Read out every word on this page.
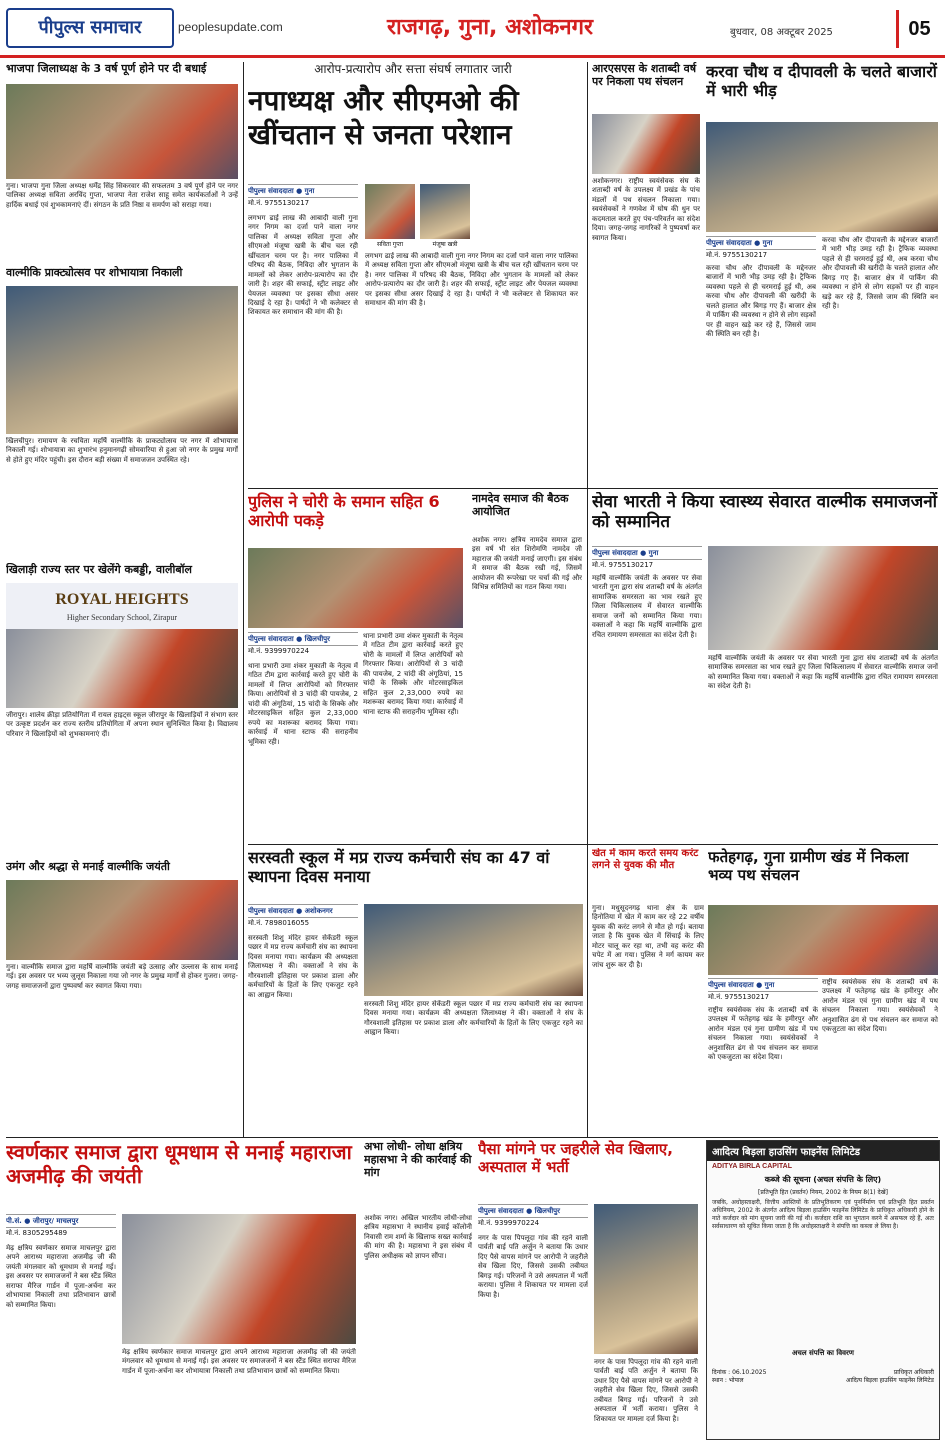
पीपुल्स समाचार	peoplesupdate.com	राजगढ़, गुना, अशोकनगर	बुधवार, 08 अक्टूबर 2025	05
भाजपा जिलाध्यक्ष के 3 वर्ष पूर्ण होने पर दी बधाई
गुना। भाजपा गुना जिला अध्यक्ष धर्मेंद्र सिंह सिकरवार की सफलतम 3 वर्ष पूर्ण होने पर नगर पालिका अध्यक्ष सविता अरविंद गुप्ता, भाजपा नेता राजेश साहू समेत कार्यकर्ताओं ने उन्हें हार्दिक बधाई एवं शुभकामनाएं दीं। संगठन के प्रति निष्ठा व समर्पण को सराहा गया।
वाल्मीकि प्राक्ट्योत्सव पर शोभायात्रा निकाली
खिलचीपुर। रामायण के रचयिता महर्षि वाल्मीकि के प्राकट्योत्सव पर नगर में शोभायात्रा निकाली गई। शोभायात्रा का शुभारंभ हनुमानगढ़ी सोमवारिया से हुआ जो नगर के प्रमुख मार्गों से होते हुए मंदिर पहुंची। इस दौरान बड़ी संख्या में समाजजन उपस्थित रहे।
खिलाड़ी राज्य स्तर पर खेलेंगे कबड्डी, वालीबॉल
ROYAL HEIGHTS
Higher Secondary School, Zirapur
जीरापुर। शालेय क्रीड़ा प्रतियोगिता में रायल हाइट्स स्कूल जीरापुर के खिलाड़ियों ने संभाग स्तर पर उत्कृष्ट प्रदर्शन कर राज्य स्तरीय प्रतियोगिता में अपना स्थान सुनिश्चित किया है। विद्यालय परिवार ने खिलाड़ियों को शुभकामनाएं दीं।
उमंग और श्रद्धा से मनाई वाल्मीकि जयंती
गुना। वाल्मीकि समाज द्वारा महर्षि वाल्मीकि जयंती बड़े उत्साह और उल्लास के साथ मनाई गई। इस अवसर पर भव्य जुलूस निकाला गया जो नगर के प्रमुख मार्गों से होकर गुजरा। जगह-जगह समाजजनों द्वारा पुष्पवर्षा कर स्वागत किया गया।
आरोप-प्रत्यारोप और सत्ता संघर्ष लगातार जारी
नपाध्यक्ष और सीएमओ की खींचतान से जनता परेशान
पीपुल्स संवाददाता ● गुना
मो.नं. 9755130217
सविता गुप्ता	मंजूषा खत्री
लगभग ढाई लाख की आबादी वाली गुना नगर निगम का दर्जा पाने वाला नगर पालिका में अध्यक्ष सविता गुप्ता और सीएमओ मंजूषा खत्री के बीच चल रही खींचतान चरम पर है। नगर पालिका में परिषद की बैठक, निविदा और भुगतान के मामलों को लेकर आरोप-प्रत्यारोप का दौर जारी है। शहर की सफाई, स्ट्रीट लाइट और पेयजल व्यवस्था पर इसका सीधा असर दिखाई दे रहा है। पार्षदों ने भी कलेक्टर से शिकायत कर समाधान की मांग की है।
लगभग ढाई लाख की आबादी वाली गुना नगर निगम का दर्जा पाने वाला नगर पालिका में अध्यक्ष सविता गुप्ता और सीएमओ मंजूषा खत्री के बीच चल रही खींचतान चरम पर है। नगर पालिका में परिषद की बैठक, निविदा और भुगतान के मामलों को लेकर आरोप-प्रत्यारोप का दौर जारी है। शहर की सफाई, स्ट्रीट लाइट और पेयजल व्यवस्था पर इसका सीधा असर दिखाई दे रहा है। पार्षदों ने भी कलेक्टर से शिकायत कर समाधान की मांग की है।
आरएसएस के शताब्दी वर्ष पर निकला पथ संचलन
अशोकनगर। राष्ट्रीय स्वयंसेवक संघ के शताब्दी वर्ष के उपलक्ष्य में प्रखंड के पांच मंडलों में पथ संचलन निकाला गया। स्वयंसेवकों ने गणवेश में घोष की धुन पर कदमताल करते हुए पंच-परिवर्तन का संदेश दिया। जगह-जगह नागरिकों ने पुष्पवर्षा कर स्वागत किया।
करवा चौथ व दीपावली के चलते बाजारों में भारी भीड़
पीपुल्स संवाददाता ● गुना
मो.नं. 9755130217
करवा चौथ और दीपावली के मद्देनजर बाजारों में भारी भीड़ उमड़ रही है। ट्रैफिक व्यवस्था पहले से ही चरमराई हुई थी, अब करवा चौथ और दीपावली की खरीदी के चलते हालात और बिगड़ गए हैं। बाजार क्षेत्र में पार्किंग की व्यवस्था न होने से लोग सड़कों पर ही वाहन खड़े कर रहे हैं, जिससे जाम की स्थिति बन रही है।
करवा चौथ और दीपावली के मद्देनजर बाजारों में भारी भीड़ उमड़ रही है। ट्रैफिक व्यवस्था पहले से ही चरमराई हुई थी, अब करवा चौथ और दीपावली की खरीदी के चलते हालात और बिगड़ गए हैं। बाजार क्षेत्र में पार्किंग की व्यवस्था न होने से लोग सड़कों पर ही वाहन खड़े कर रहे हैं, जिससे जाम की स्थिति बन रही है।
पुलिस ने चोरी के समान सहित 6 आरोपी पकड़े
पीपुल्स संवाददाता ● खिलचीपुर
मो.नं. 9399970224
थाना प्रभारी उमा शंकर मुकाती के नेतृत्व में गठित टीम द्वारा कार्रवाई करते हुए चोरी के मामलों में लिप्त आरोपियों को गिरफ्तार किया। आरोपियों से 3 चांदी की पायजेब, 2 चांदी की अंगूठियां, 15 चांदी के सिक्के और मोटरसाइकिल सहित कुल 2,33,000 रुपये का मशरूका बरामद किया गया। कार्रवाई में थाना स्टाफ की सराहनीय भूमिका रही।
थाना प्रभारी उमा शंकर मुकाती के नेतृत्व में गठित टीम द्वारा कार्रवाई करते हुए चोरी के मामलों में लिप्त आरोपियों को गिरफ्तार किया। आरोपियों से 3 चांदी की पायजेब, 2 चांदी की अंगूठियां, 15 चांदी के सिक्के और मोटरसाइकिल सहित कुल 2,33,000 रुपये का मशरूका बरामद किया गया। कार्रवाई में थाना स्टाफ की सराहनीय भूमिका रही।
नामदेव समाज की बैठक आयोजित
अशोक नगर। क्षत्रिय नामदेव समाज द्वारा इस वर्ष भी संत शिरोमणि नामदेव जी महाराज की जयंती मनाई जाएगी। इस संबंध में समाज की बैठक रखी गई, जिसमें आयोजन की रूपरेखा पर चर्चा की गई और विभिन्न समितियों का गठन किया गया।
सेवा भारती ने किया स्वास्थ्य सेवारत वाल्मीक समाजजनों को सम्मानित
पीपुल्स संवाददाता ● गुना
मो.नं. 9755130217
महर्षि वाल्मीकि जयंती के अवसर पर सेवा भारती गुना द्वारा संघ शताब्दी वर्ष के अंतर्गत सामाजिक समरसता का भाव रखते हुए जिला चिकित्सालय में सेवारत वाल्मीकि समाज जनों को सम्मानित किया गया। वक्ताओं ने कहा कि महर्षि वाल्मीकि द्वारा रचित रामायण समरसता का संदेश देती है।
महर्षि वाल्मीकि जयंती के अवसर पर सेवा भारती गुना द्वारा संघ शताब्दी वर्ष के अंतर्गत सामाजिक समरसता का भाव रखते हुए जिला चिकित्सालय में सेवारत वाल्मीकि समाज जनों को सम्मानित किया गया। वक्ताओं ने कहा कि महर्षि वाल्मीकि द्वारा रचित रामायण समरसता का संदेश देती है।
सरस्वती स्कूल में मप्र राज्य कर्मचारी संघ का 47 वां स्थापना दिवस मनाया
पीपुल्स संवाददाता ● अशोकनगर
मो.नं. 7898016055
सरस्वती शिशु मंदिर हायर सेकेंडरी स्कूल पछार में मप्र राज्य कर्मचारी संघ का स्थापना दिवस मनाया गया। कार्यक्रम की अध्यक्षता जिलाध्यक्ष ने की। वक्ताओं ने संघ के गौरवशाली इतिहास पर प्रकाश डाला और कर्मचारियों के हितों के लिए एकजुट रहने का आह्वान किया।
सरस्वती शिशु मंदिर हायर सेकेंडरी स्कूल पछार में मप्र राज्य कर्मचारी संघ का स्थापना दिवस मनाया गया। कार्यक्रम की अध्यक्षता जिलाध्यक्ष ने की। वक्ताओं ने संघ के गौरवशाली इतिहास पर प्रकाश डाला और कर्मचारियों के हितों के लिए एकजुट रहने का आह्वान किया।
खेत में काम करते समय करंट लगने से युवक की मौत
गुना। मधुसूदनगढ़ थाना क्षेत्र के ग्राम हिनोतिया में खेत में काम कर रहे 22 वर्षीय युवक की करंट लगने से मौत हो गई। बताया जाता है कि युवक खेत में सिंचाई के लिए मोटर चालू कर रहा था, तभी वह करंट की चपेट में आ गया। पुलिस ने मर्ग कायम कर जांच शुरू कर दी है।
फतेहगढ़, गुना ग्रामीण खंड में निकला भव्य पथ संचलन
पीपुल्स संवाददाता ● गुना
मो.नं. 9755130217
राष्ट्रीय स्वयंसेवक संघ के शताब्दी वर्ष के उपलक्ष्य में फतेहगढ़ खंड के हमीरपुर और आरोन मंडल एवं गुना ग्रामीण खंड में पथ संचलन निकाला गया। स्वयंसेवकों ने अनुशासित ढंग से पथ संचलन कर समाज को एकजुटता का संदेश दिया।
राष्ट्रीय स्वयंसेवक संघ के शताब्दी वर्ष के उपलक्ष्य में फतेहगढ़ खंड के हमीरपुर और आरोन मंडल एवं गुना ग्रामीण खंड में पथ संचलन निकाला गया। स्वयंसेवकों ने अनुशासित ढंग से पथ संचलन कर समाज को एकजुटता का संदेश दिया।
स्वर्णकार समाज द्वारा धूमधाम से मनाई महाराजा अजमीढ़ की जयंती
पी.सं. ● जीरापुर/ माचलपुर
मो.नं. 8305295489
मेढ़ क्षत्रिय स्वर्णकार समाज माचलपुर द्वारा अपने आराध्य महाराजा अजमीढ़ जी की जयंती मंगलवार को धूमधाम से मनाई गई। इस अवसर पर समाजजनों ने बस स्टैंड स्थित सराफा मैरिज गार्डन में पूजा-अर्चना कर शोभायात्रा निकाली तथा प्रतिभावान छात्रों को सम्मानित किया।
मेढ़ क्षत्रिय स्वर्णकार समाज माचलपुर द्वारा अपने आराध्य महाराजा अजमीढ़ जी की जयंती मंगलवार को धूमधाम से मनाई गई। इस अवसर पर समाजजनों ने बस स्टैंड स्थित सराफा मैरिज गार्डन में पूजा-अर्चना कर शोभायात्रा निकाली तथा प्रतिभावान छात्रों को सम्मानित किया।
अभा लोधी- लोधा क्षत्रिय महासभा ने की कार्रवाई की मांग
अशोक नगर। अखिल भारतीय लोधी-लोधा क्षत्रिय महासभा ने स्थानीय हवाई कॉलोनी निवासी राम शर्मा के खिलाफ सख्त कार्रवाई की मांग की है। महासभा ने इस संबंध में पुलिस अधीक्षक को ज्ञापन सौंपा।
पैसा मांगने पर जहरीले सेव खिलाए, अस्पताल में भर्ती
पीपुल्स संवाददाता ● खिलचीपुर
मो.नं. 9399970224
नगर के पास पिपलूदा गांव की रहने वाली पार्वती बाई पति अर्जुन ने बताया कि उधार दिए पैसे वापस मांगने पर आरोपी ने जहरीले सेव खिला दिए, जिससे उसकी तबीयत बिगड़ गई। परिजनों ने उसे अस्पताल में भर्ती कराया। पुलिस ने शिकायत पर मामला दर्ज किया है।
नगर के पास पिपलूदा गांव की रहने वाली पार्वती बाई पति अर्जुन ने बताया कि उधार दिए पैसे वापस मांगने पर आरोपी ने जहरीले सेव खिला दिए, जिससे उसकी तबीयत बिगड़ गई। परिजनों ने उसे अस्पताल में भर्ती कराया। पुलिस ने शिकायत पर मामला दर्ज किया है।
आदित्य बिड़ला हाउसिंग फाइनेंस लिमिटेड
ADITYA BIRLA CAPITAL
कब्जे की सूचना (अचल संपत्ति के लिए)
[प्रतिभूति हित (प्रवर्तन) नियम, 2002 के नियम 8(1) देखें]
जबकि, अधोहस्ताक्षरी, वित्तीय आस्तियों के प्रतिभूतिकरण एवं पुनर्निर्माण एवं प्रतिभूति हित प्रवर्तन अधिनियम, 2002 के अंतर्गत आदित्य बिड़ला हाउसिंग फाइनेंस लिमिटेड के प्राधिकृत अधिकारी होने के नाते कर्जदार को मांग सूचना जारी की गई थी। कर्जदार राशि का भुगतान करने में असफल रहे हैं, अतः सर्वसाधारण को सूचित किया जाता है कि अधोहस्ताक्षरी ने संपत्ति का कब्जा ले लिया है।
अचल संपत्ति का विवरण
दिनांक : 06.10.2025
स्थान : भोपाल
प्राधिकृत अधिकारी
आदित्य बिड़ला हाउसिंग फाइनेंस लिमिटेड
